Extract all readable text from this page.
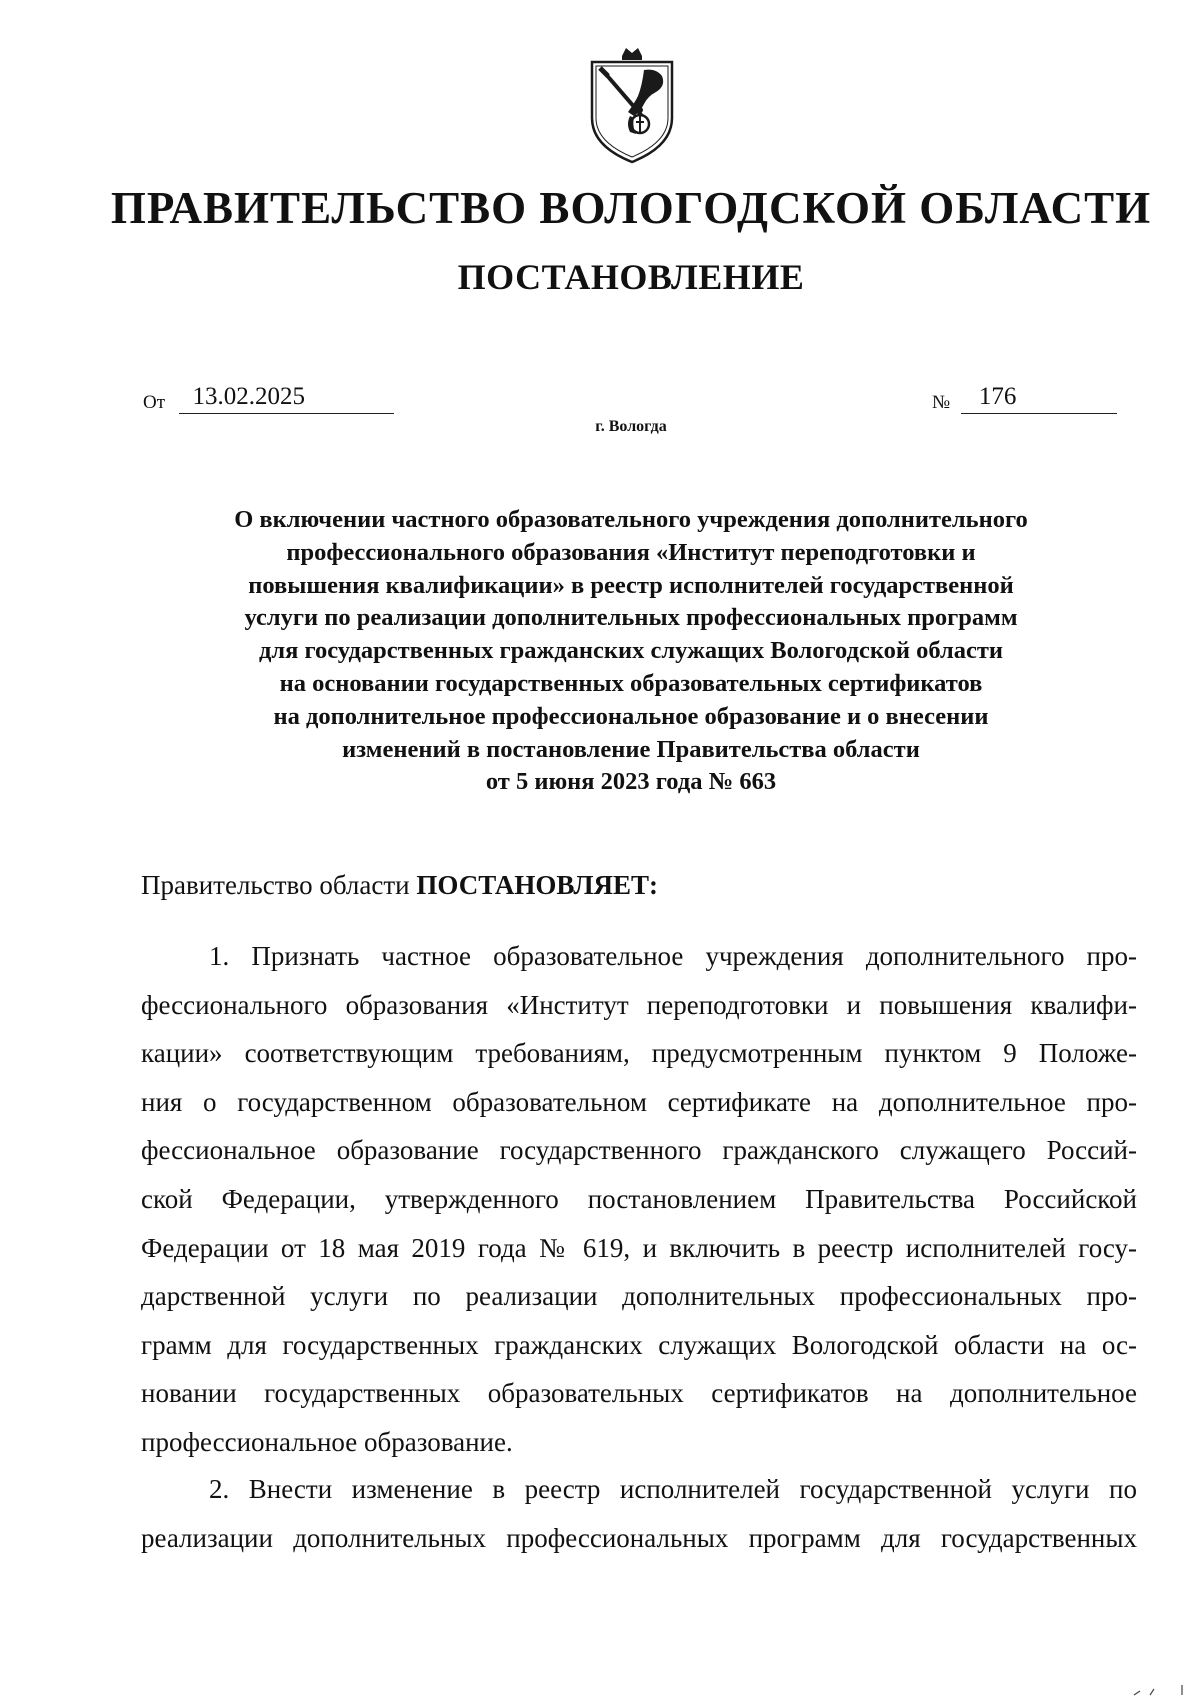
ПРАВИТЕЛЬСТВО ВОЛОГОДСКОЙ ОБЛАСТИ
ПОСТАНОВЛЕНИЕ
От 13.02.2025	№ 176
г. Вологда
О включении частного образовательного учреждения дополнительного
профессионального образования «Институт переподготовки и
повышения квалификации» в реестр исполнителей государственной
услуги по реализации дополнительных профессиональных программ
для государственных гражданских служащих Вологодской области
на основании государственных образовательных сертификатов
на дополнительное профессиональное образование и о внесении
изменений в постановление Правительства области
от 5 июня 2023 года № 663
Правительство области ПОСТАНОВЛЯЕТ:
1. Признать частное образовательное учреждения дополнительного про-
фессионального образования «Институт переподготовки и повышения квалифи-
кации» соответствующим требованиям, предусмотренным пунктом 9 Положе-
ния о государственном образовательном сертификате на дополнительное про-
фессиональное образование государственного гражданского служащего Россий-
ской Федерации, утвержденного постановлением Правительства Российской
Федерации от 18 мая 2019 года № 619, и включить в реестр исполнителей госу-
дарственной услуги по реализации дополнительных профессиональных про-
грамм для государственных гражданских служащих Вологодской области на ос-
новании государственных образовательных сертификатов на дополнительное
профессиональное образование.
2. Внести изменение в реестр исполнителей государственной услуги по
реализации дополнительных профессиональных программ для государственных
